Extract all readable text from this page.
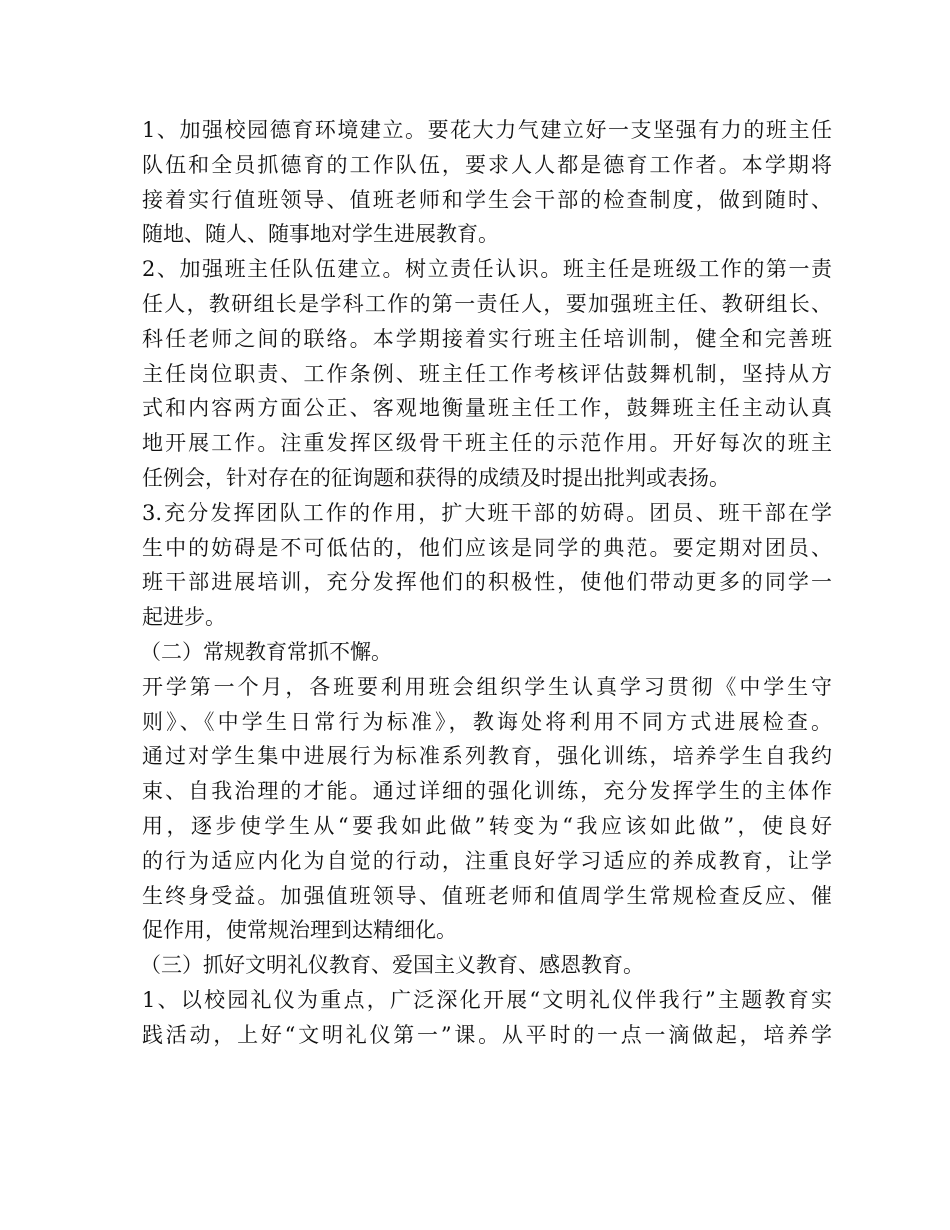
1、加强校园德育环境建立。要花大力气建立好一支坚强有力的班主任
队伍和全员抓德育的工作队伍，要求人人都是德育工作者。本学期将
接着实行值班领导、值班老师和学生会干部的检查制度，做到随时、
随地、随人、随事地对学生进展教育。
2、加强班主任队伍建立。树立责任认识。班主任是班级工作的第一责
任人，教研组长是学科工作的第一责任人，要加强班主任、教研组长、
科任老师之间的联络。本学期接着实行班主任培训制，健全和完善班
主任岗位职责、工作条例、班主任工作考核评估鼓舞机制，坚持从方
式和内容两方面公正、客观地衡量班主任工作，鼓舞班主任主动认真
地开展工作。注重发挥区级骨干班主任的示范作用。开好每次的班主
任例会，针对存在的征询题和获得的成绩及时提出批判或表扬。
3.充分发挥团队工作的作用，扩大班干部的妨碍。团员、班干部在学
生中的妨碍是不可低估的，他们应该是同学的典范。要定期对团员、
班干部进展培训，充分发挥他们的积极性，使他们带动更多的同学一
起进步。
（二）常规教育常抓不懈。
开学第一个月，各班要利用班会组织学生认真学习贯彻《中学生守
则》、《中学生日常行为标准》，教诲处将利用不同方式进展检查。
通过对学生集中进展行为标准系列教育，强化训练，培养学生自我约
束、自我治理的才能。通过详细的强化训练，充分发挥学生的主体作
用，逐步使学生从“要我如此做”转变为“我应该如此做”，使良好
的行为适应内化为自觉的行动，注重良好学习适应的养成教育，让学
生终身受益。加强值班领导、值班老师和值周学生常规检查反应、催
促作用，使常规治理到达精细化。
（三）抓好文明礼仪教育、爱国主义教育、感恩教育。
1、以校园礼仪为重点，广泛深化开展“文明礼仪伴我行”主题教育实
践活动，上好“文明礼仪第一”课。从平时的一点一滴做起，培养学
